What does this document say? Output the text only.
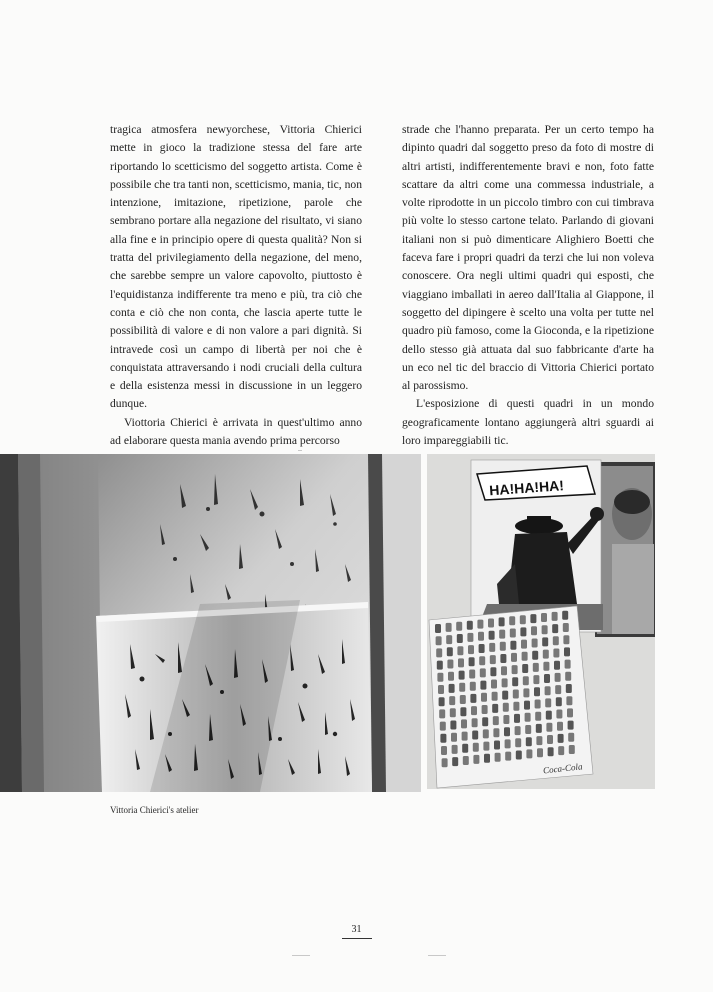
tragica atmosfera newyorchese, Vittoria Chierici mette in gioco la tradizione stessa del fare arte riportando lo scetticismo del soggetto artista. Come è possibile che tra tanti non, scetticismo, mania, tic, non intenzione, imitazione, ripetizione, parole che sembrano portare alla negazione del risultato, vi siano alla fine e in principio opere di questa qualità? Non si tratta del privilegiamento della negazione, del meno, che sarebbe sempre un valore capovolto, piuttosto è l'equidistanza indifferente tra meno e più, tra ciò che conta e ciò che non conta, che lascia aperte tutte le possibilità di valore e di non valore a pari dignità. Si intravede così un campo di libertà per noi che è conquistata attraversando i nodi cruciali della cultura e della esistenza messi in discussione in un leggero dunque.

Viottoria Chierici è arrivata in quest'ultimo anno ad elaborare questa mania avendo prima percorso

strade che l'hanno preparata. Per un certo tempo ha dipinto quadri dal soggetto preso da foto di mostre di altri artisti, indifferentemente bravi e non, foto fatte scattare da altri come una commessa industriale, a volte riprodotte in un piccolo timbro con cui timbrava più volte lo stesso cartone telato. Parlando di giovani italiani non si può dimenticare Alighiero Boetti che faceva fare i propri quadri da terzi che lui non voleva conoscere. Ora negli ultimi quadri qui esposti, che viaggiano imballati in aereo dall'Italia al Giappone, il soggetto del dipingere è scelto una volta per tutte nel quadro più famoso, come la Gioconda, e la ripetizione dello stesso già attuata dal suo fabbricante d'arte ha un eco nel tic del braccio di Vittoria Chierici portato al parossismo.

L'esposizione di questi quadri in un mondo geograficamente lontano aggiungerà altri sguardi ai loro impareggiabili tic.

HA!HA!HA!
Coca-Cola
Vittoria Chierici's atelier
31
